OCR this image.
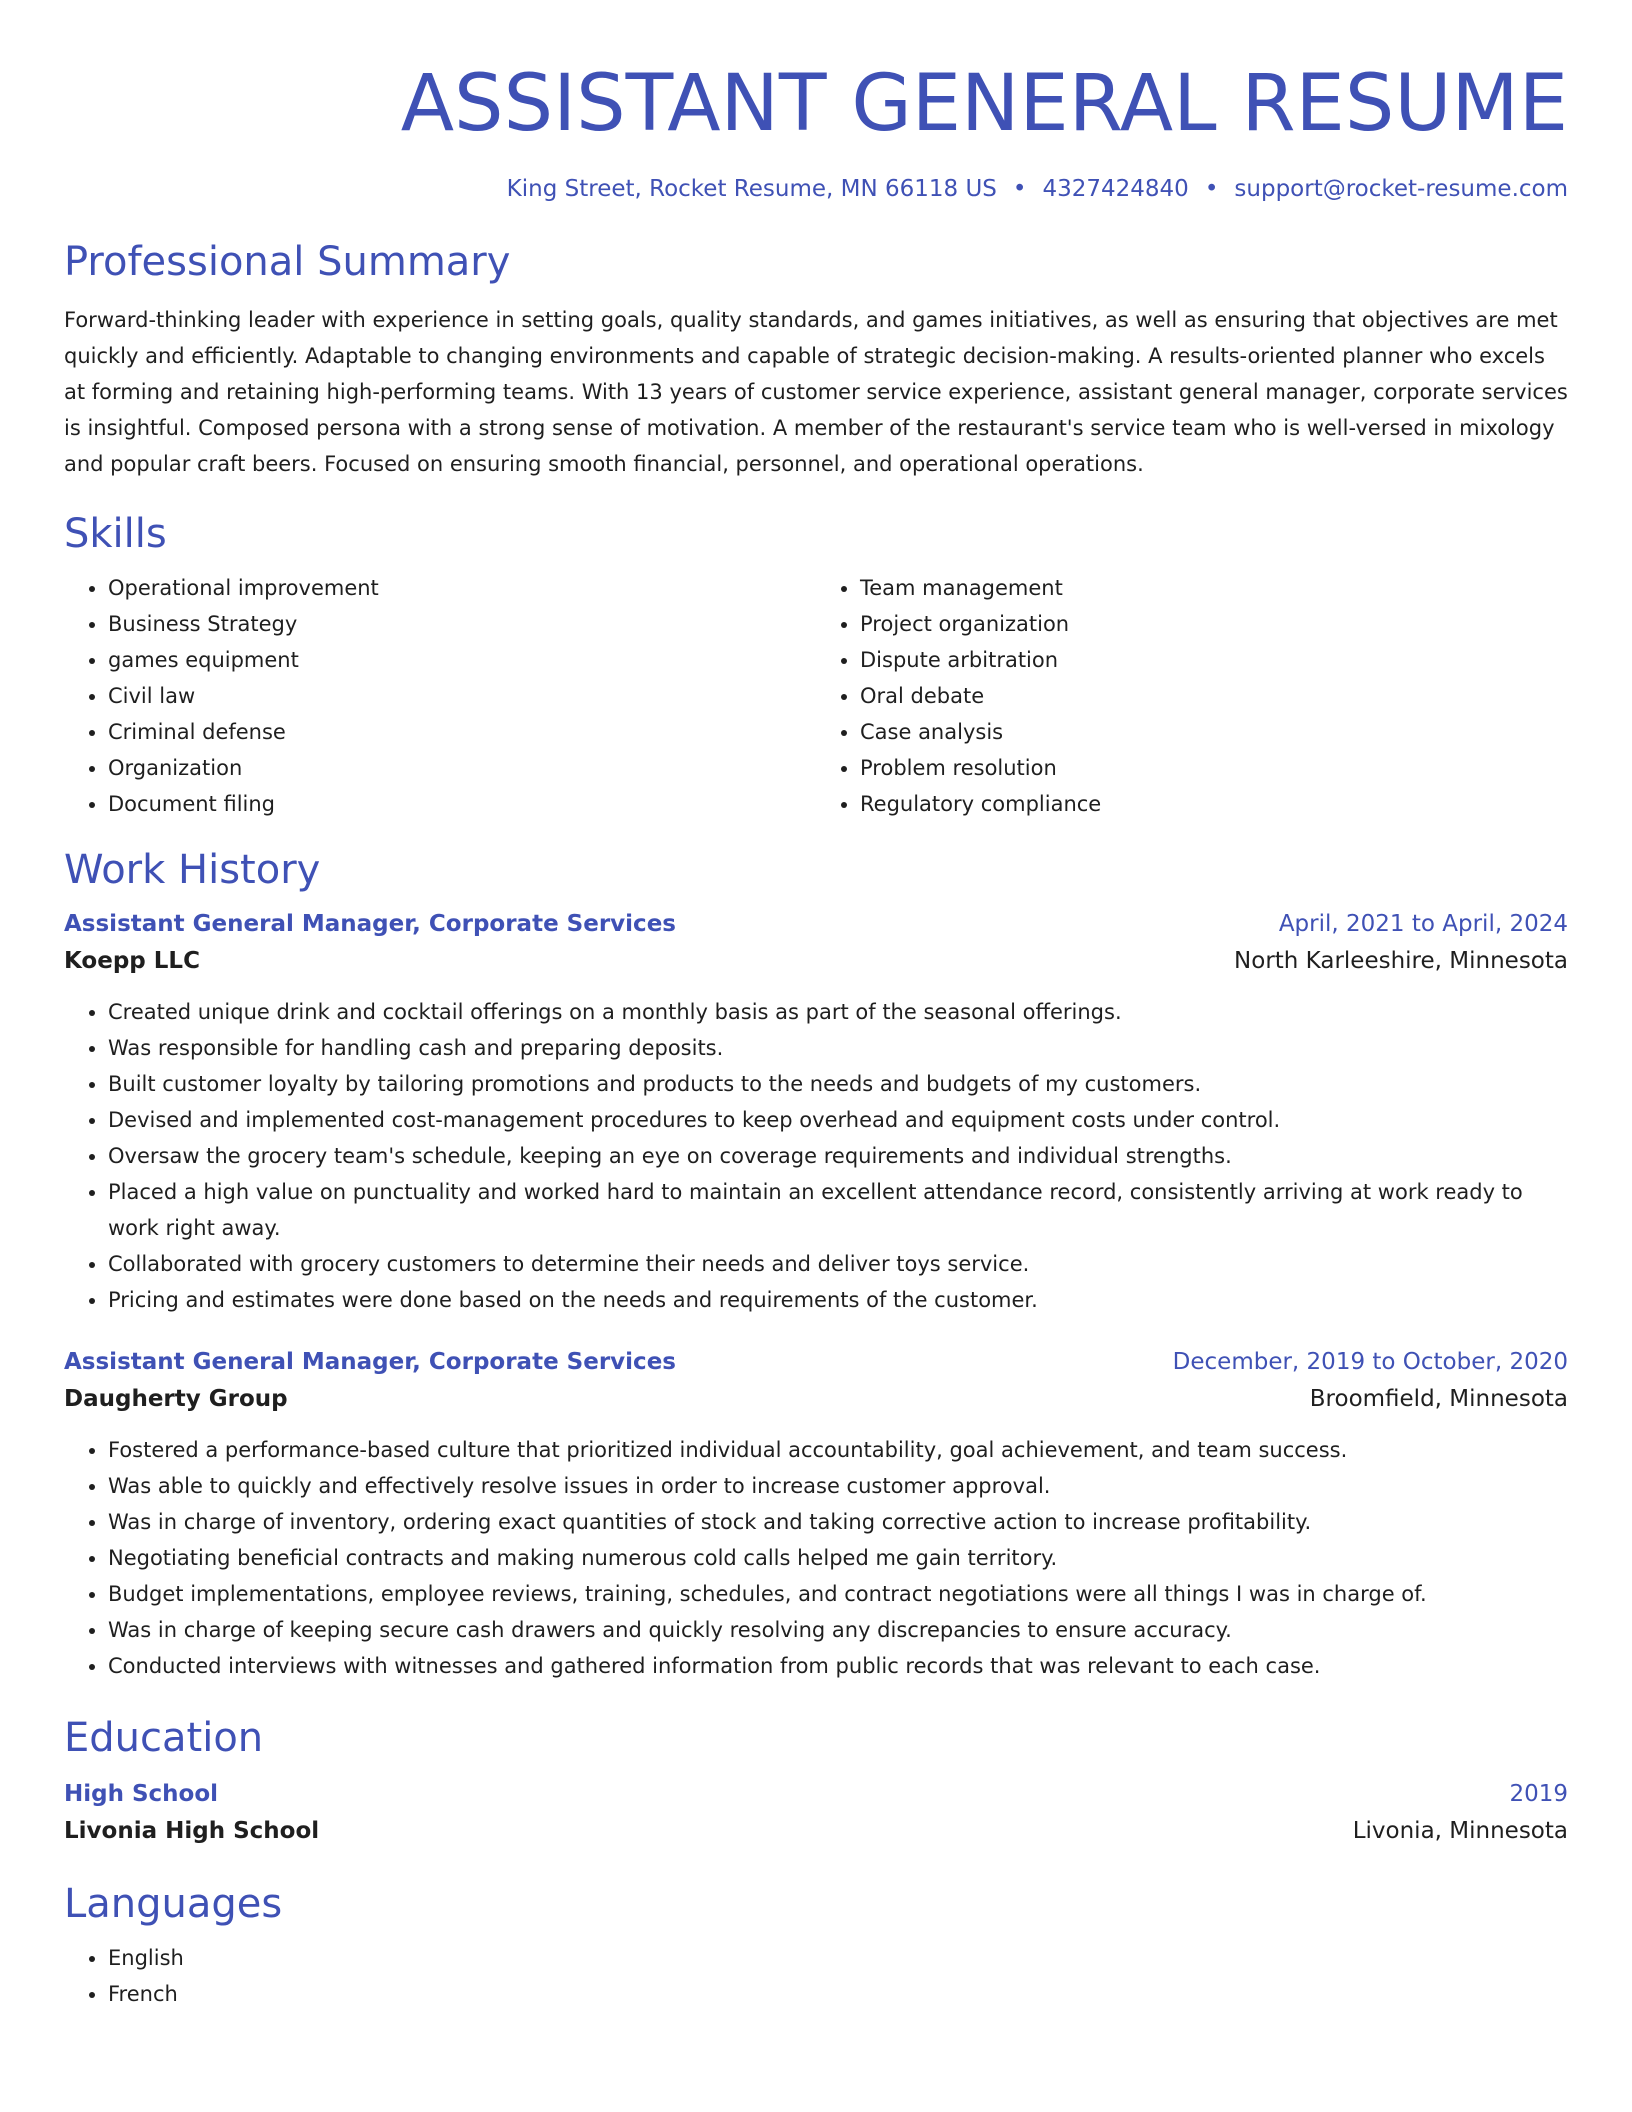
ASSISTANT GENERAL RESUME
King Street, Rocket Resume, MN 66118 US • 4327424840 • support@rocket-resume.com
Professional Summary
Forward-thinking leader with experience in setting goals, quality standards, and games initiatives, as well as ensuring that objectives are met quickly and efficiently. Adaptable to changing environments and capable of strategic decision-making. A results-oriented planner who excels at forming and retaining high-performing teams. With 13 years of customer service experience, assistant general manager, corporate services is insightful. Composed persona with a strong sense of motivation. A member of the restaurant's service team who is well-versed in mixology and popular craft beers. Focused on ensuring smooth financial, personnel, and operational operations.
Skills
• Operational improvement
• Business Strategy
• games equipment
• Civil law
• Criminal defense
• Organization
• Document filing
• Team management
• Project organization
• Dispute arbitration
• Oral debate
• Case analysis
• Problem resolution
• Regulatory compliance
Work History
Assistant General Manager, Corporate Services	April, 2021 to April, 2024
Koepp LLC	North Karleeshire, Minnesota
• Created unique drink and cocktail offerings on a monthly basis as part of the seasonal offerings.
• Was responsible for handling cash and preparing deposits.
• Built customer loyalty by tailoring promotions and products to the needs and budgets of my customers.
• Devised and implemented cost-management procedures to keep overhead and equipment costs under control.
• Oversaw the grocery team's schedule, keeping an eye on coverage requirements and individual strengths.
• Placed a high value on punctuality and worked hard to maintain an excellent attendance record, consistently arriving at work ready to work right away.
• Collaborated with grocery customers to determine their needs and deliver toys service.
• Pricing and estimates were done based on the needs and requirements of the customer.
Assistant General Manager, Corporate Services	December, 2019 to October, 2020
Daugherty Group	Broomfield, Minnesota
• Fostered a performance-based culture that prioritized individual accountability, goal achievement, and team success.
• Was able to quickly and effectively resolve issues in order to increase customer approval.
• Was in charge of inventory, ordering exact quantities of stock and taking corrective action to increase profitability.
• Negotiating beneficial contracts and making numerous cold calls helped me gain territory.
• Budget implementations, employee reviews, training, schedules, and contract negotiations were all things I was in charge of.
• Was in charge of keeping secure cash drawers and quickly resolving any discrepancies to ensure accuracy.
• Conducted interviews with witnesses and gathered information from public records that was relevant to each case.
Education
High School	2019
Livonia High School	Livonia, Minnesota
Languages
• English
• French
